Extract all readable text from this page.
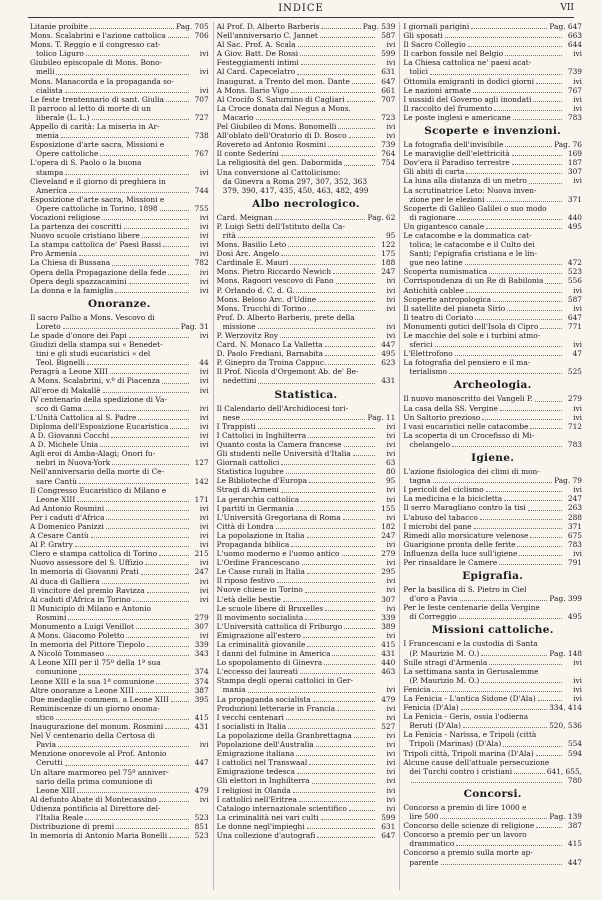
INDICE	VII
Litanie proibite	Pag. 705
Mons. Scalabrini e l'azione cattolica	706
Mons. T. Reggio e il congresso cat-
tolico Liguro	ivi
Giubileo episcopale di Mons. Bono-
melli	ivi
Mons. Manacorda e la propaganda so-
cialista	ivi
Le feste trentennario di sant. Giulia	707
Il parroco al letto di morte di un
liberale (L. L.)	727
Appello di carità: La miseria in Ar-
menia	738
Esposizione d'arte sacra, Missioni e
Opere cattoliche	767
L'opera di S. Paolo o la buona
stampa	ivi
Cleveland e il giorno di preghiera in
America	744
Esposizione d'arte sacra, Missioni e
Opere cattoliche in Torino, 1898	755
Vocazioni religiose	ivi
La partenza dei coscritti	ivi
Nuovo scuole cristiano libere	ivi
La stampa cattolica de' Paesi Bassi	ivi
Pro Armenia	ivi
La Chiesa di Bussana	782
Opera della Propagazione della fede	ivi
Opera degli spazzacamini	ivi
La donna e la famiglia	ivi
Onoranze.
Il sacro Pallio a Mons. Vescovo di
Loreto	Pag. 31
Le spade d'onore dei Papi	ivi
Giudizi della stampa sui « Benedet-
tini e gli studi eucaristici » del
Teol. Bignelli	44
Peragrà a Leone XIII	ivi
A Mons. Scalabrini, v.º di Piacenza	ivi
All'eroe di Makallè	ivi
IV centenario della spedizione di Va-
sco di Gama	ivi
L'Unità Cattolica al S. Padre	ivi
Diploma dell'Esposizione Eucaristica	ivi
A D. Giovanni Cocchi	ivi
A D. Michele Unia	ivi
Agli eroi di Amba-Alagi; Onori fu-
nebri in Nuova-York	127
Nell'anniversario della morte di Ce-
sare Cantù	142
Il Congresso Eucaristico di Milano e
Leone XIII	171
Ad Antonio Rosmini	ivi
Per i caduti d'Africa	ivi
A Domenico Panizzi	ivi
A Cesare Cantù	ivi
Al P. Gratry	ivi
Clero e stampa cattolica di Torino	215
Nuovo assessore del S. Uffizio	ivi
In memoria di Giovanni Prati	247
Al duca di Galliera	ivi
Il vincitore del premio Ravizza	ivi
Ai caduti d'Africa in Torino	ivi
Il Municipio di Milano e Antonio
Rosmini	279
Monumento a Luigi Venillot	307
A Mons. Giacomo Poletto	ivi
In memoria del Pittore Tiepolo	339
A Nicolò Tommaseo	343
A Leone XIII per il 75º della 1ª sua
comunione	374
Leone XIII e la sua 1ª comunione	374
Altre onoranze a Leone XIII	387
Due medaglie commem. a Leone XIII	395
Reminiscenze di un giorno onoma-
stico	415
Inaugurazione del monum. Rosmini	431
Nel V centenario della Certosa di
Pavia	ivi
Menzione onorevole al Prof. Antonio
Cerutti	447
Un altare marmoreo pel 75º anniver-
sario della prima comunione di
Leone XIII	479
Al defunto Abate di Montecassino	ivi
Udienza pontificia al Direttore del-
l'Italia Reale	523
Distribuzione di premi	851
In memoria di Antonio Maria Bonelli	523
Al Prof. D. Alberto Barberis	Pag. 539
Nell'anniversario C. Jannet	587
Al Sac. Prof. A. Scala	ivi
A Giov. Batt. De Rossi	599
Festeggiamenti intimi	ivi
Al Card. Capecelatro	631
Inaugurat. a Trento del mon. Dante	647
A Mons. Ilario Vigo	661
Al Crocifo S. Saturnino di Cagliari	707
La Croce donata dal Negus a Mons.
Macario	723
Pel Giubileo di Mons. Bonomelli	ivi
All'oblato dell'Oratorio di D. Bosco	ivi
Rovereto ad Antonio Rosmini	739
Il conte Sederini	764
La religiosità del gen. Dabormida	754
Una conversione al Cattolicismo:
da Ginevra a Roma 297, 307, 352, 363
379, 390, 417, 435, 450, 463, 482, 499
Albo necrologico.
Card. Meignan	Pag. 62
P. Luigi Setti dell'Istituto della Ca-
rità	95
Mons. Basilio Leto	122
Dosi Arc. Angelo	175
Cardinale E. Mauri	188
Mons. Pietro Riccardo Newich	247
Mons. Ragoori vescovo di Fano	ivi
P. Orlando d. C. d. G.	ivi
Mons. Beloso Arc. d'Udine	ivi
Mons. Trucchi di Torino	ivi
Prof. D. Alberto Barberis, prete della
missione	ivi
P. Werzovitz Roy	ivi
Card. N. Monaco La Valletta	447
D. Paolo Frediani, Barnabita	495
P. Ginepro da Troina Cappuc.	623
Il Prof. Nicola d'Orgemont Ab. de' Be-
nedettini	431
Statistica.
Il Calendario dell'Archidiocesi tori-
nese	Pag. 11
I Trappisti	ivi
I Cattolici in Inghilterra	ivi
Quanto costa la Camera francese	ivi
Gli studenti nelle Università d'Italia	ivi
Giornali cattolici	63
Statistica lugubre	80
Le Biblioteche d'Europa	95
Stragi di Armeni	ivi
La gerarchia cattolica	ivi
I partiti in Germania	155
L'Università Gregoriana di Roma	ivi
Città di Londra	182
La popolazione in Italia	247
Propaganda biblica	ivi
L'uomo moderno e l'uomo antico	279
L'Ordine Francescano	ivi
Le Casse rurali in Italia	295
Il riposo festivo	ivi
Nuove chiese in Torino	ivi
L'età delle bestie	307
Le scuole libere di Bruxelles	ivi
Il movimento socialista	339
L'Università cattolica di Friburgo	389
Emigrazione all'estero	ivi
La criminalità giovanile	415
I danni del fulmine in America	431
Lo spopolamento di Ginevra	440
L'eccesso dei laureati	463
Stampa degli operai cattolici in Ger-
mania	ivi
La propaganda socialista	479
Produzioni letterarie in Francia	ivi
I vecchi centenari	ivi
I socialisti in Italia	527
La popolazione della Granbrettagna	ivi
Popolazione dell'Australia	ivi
Emigrazione italiana	ivi
I cattolici nel Transwaal	ivi
Emigrazione tedesca	ivi
Gli elettori in Inghilterra	ivi
I religiosi in Olanda	ivi
I cattolici nell'Eritrea	ivi
Catalogo internazionale scientifico	ivi
La criminalità nei vari culti	599
Le donne negl'impieghi	631
Una collezione d'autografi	647
I giornali parigini	Pag. 647
Gli sposati	663
Il Sacro Collegio	644
Il carbon fossile nel Belgio	ivi
La Chiesa cattolica ne' paesi acat-
tolici	739
Ottomila emigranti in dodici giorni	ivi
Le nazioni armate	767
I sussidi del Governo agli inondati	ivi
Il raccolto del frumento	ivi
Le poste inglesi e americane	783
Scoperte e invenzioni.
La fotografia dell'invisibile	Pag. 76
Le maraviglie dell'elettricità	169
Dov'era il Paradiso terrestre	187
Gli abiti di carta	307
La luna alla distanza di un metro	ivi
La scrutinatrice Leto: Nuova inven-
zione per le elezioni	371
Scoperte di Galileo Galilei o suo modo
di ragionare	440
Un gigantesco canale	495
Le catacombe e la dommatica cat-
tolica; le catacombe e il Culto dei
Santi; l'epigrafia cristiana e le lin-
gue neo latine	472
Scoperta numismatica	523
Corrispondenza di un Re di Babilonia	556
Antichità cablee	ivi
Scoperte antropologica	587
Il satellite del pianeta Sirio	ivi
Il teatro di Coriato	647
Monumenti gotici dell'Isola di Cipro	771
Le macchie del sole e i turbini atmo-
sferici	ivi
L'Elettrofono	47
La fotografia del pensiero e il ma-
terialismo	525
Archeologia.
Il nuovo manoscritto dei Vangeli P.	279
La casa della SS. Vergine	ivi
Un Saltorio prezioso	ivi
I vasi eucaristici nelle catacombe	712
La scoperta di un Crocefisso di Mi-
chelangelo	783
Igiene.
L'azione fisiologica dei climi di mon-
tagna	Pag. 79
I pericoli del ciclismo	ivi
La medicina e la bicicletta	247
Il serro Maragliano contro la tisi	263
L'abuso del tabacco	288
I microbi del pane	371
Rimedi allo morsicature velenose	675
Guarigione pronta delle ferite	783
Influenza della luce sull'igiene	ivi
Per rinsaldare le Camere	791
Epigrafia.
Per la basilica di S. Pietro in Ciel
d'oro a Pavia	Pag. 399
Per le feste centenarie della Vergine
di Correggio	495
Missioni cattoliche.
I Francescani e la custodia di Santa
(P. Maurizio M. O.)	Pag. 148
Sulle stragi d'Armenia	ivi
La settimana santa in Gerusalemme
(P. Maurizio M. O.)	ivi
Fenicia	ivi
La Fenicia - L'antica Sidone (D'Ala)	ivi
Fenicia (D'Ala)	334, 414
La Fenicia - Geris, ossia l'odierna
Beruti (D'Ala)	520, 536
La Fenicia - Narissa, e Tripoli (città
Tripoli (Marinas) (D'Ala)	554
Tripoli città, Tripoli marina (D'Ala)	594
Alcune cause dell'attuale persecuzione
dei Turchi contro i cristiani	641, 655,
780
Concorsi.
Concorso a premio di lire 1000 e
lire 500	Pag. 139
Concorso delle scienze di religione	387
Concorso a premio per un lavoro
drammatico	415
Concorso a premio sulla morte ap-
parente	447
